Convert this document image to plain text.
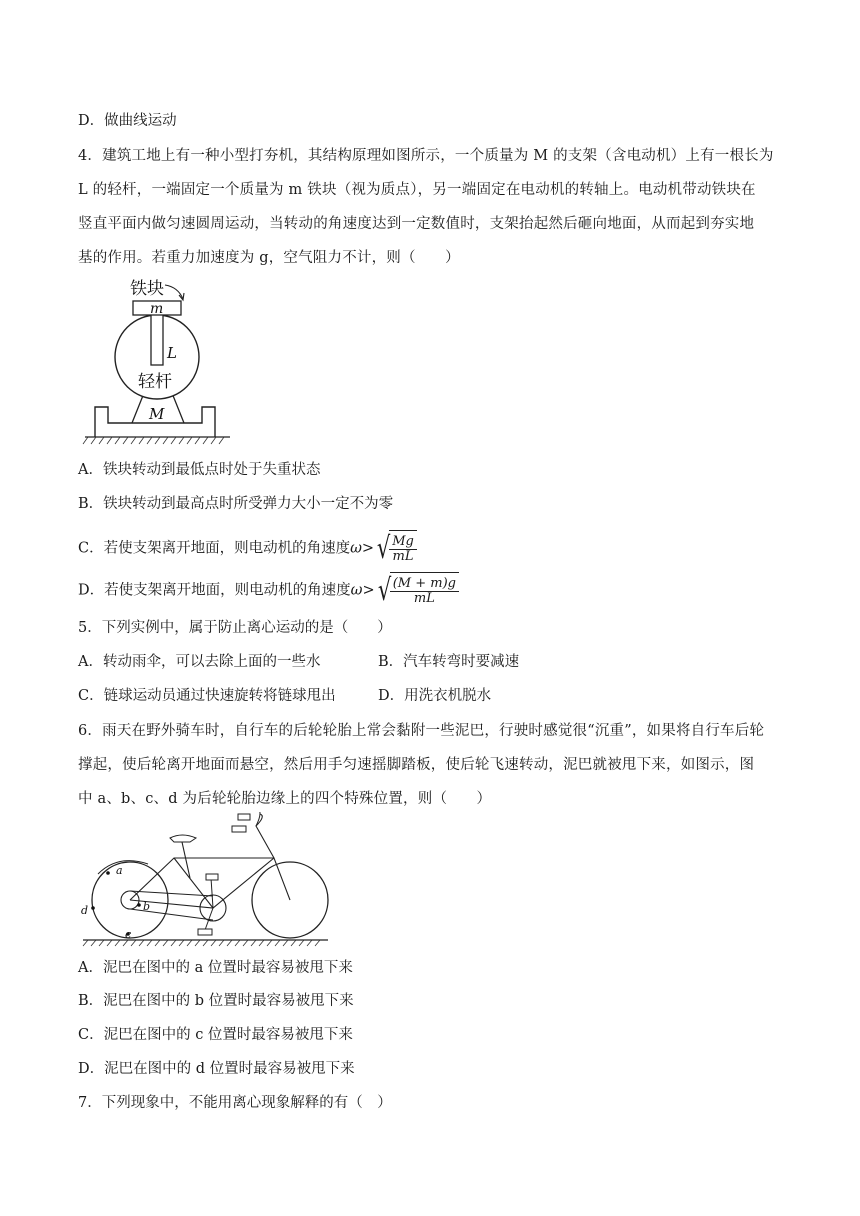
D．做曲线运动
4．建筑工地上有一种小型打夯机，其结构原理如图所示，一个质量为 M 的支架（含电动机）上有一根长为
L 的轻杆，一端固定一个质量为 m 铁块（视为质点），另一端固定在电动机的转轴上。电动机带动铁块在
竖直平面内做匀速圆周运动，当转动的角速度达到一定数值时，支架抬起然后砸向地面，从而起到夯实地
基的作用。若重力加速度为 g，空气阻力不计，则（　　）
铁块
m
L
轻杆
M
A．铁块转动到最低点时处于失重状态
B．铁块转动到最高点时所受弹力大小一定不为零
C．若使支架离开地面，则电动机的角速度ω>√
$\frac{Mg}{mL}$
D．若使支架离开地面，则电动机的角速度ω>√
$\frac{(M + m)g}{mL}$
5．下列实例中，属于防止离心运动的是（　　）
A．转动雨伞，可以去除上面的一些水	B．汽车转弯时要减速
C．链球运动员通过快速旋转将链球甩出	D．用洗衣机脱水
6．雨天在野外骑车时，自行车的后轮轮胎上常会黏附一些泥巴，行驶时感觉很“沉重”，如果将自行车后轮
撑起，使后轮离开地面而悬空，然后用手匀速摇脚踏板，使后轮飞速转动，泥巴就被甩下来，如图示，图
中 a、b、c、d 为后轮轮胎边缘上的四个特殊位置，则（　　）
a
b
c
d
A．泥巴在图中的 a 位置时最容易被甩下来
B．泥巴在图中的 b 位置时最容易被甩下来
C．泥巴在图中的 c 位置时最容易被甩下来
D．泥巴在图中的 d 位置时最容易被甩下来
7．下列现象中，不能用离心现象解释的有（　）
